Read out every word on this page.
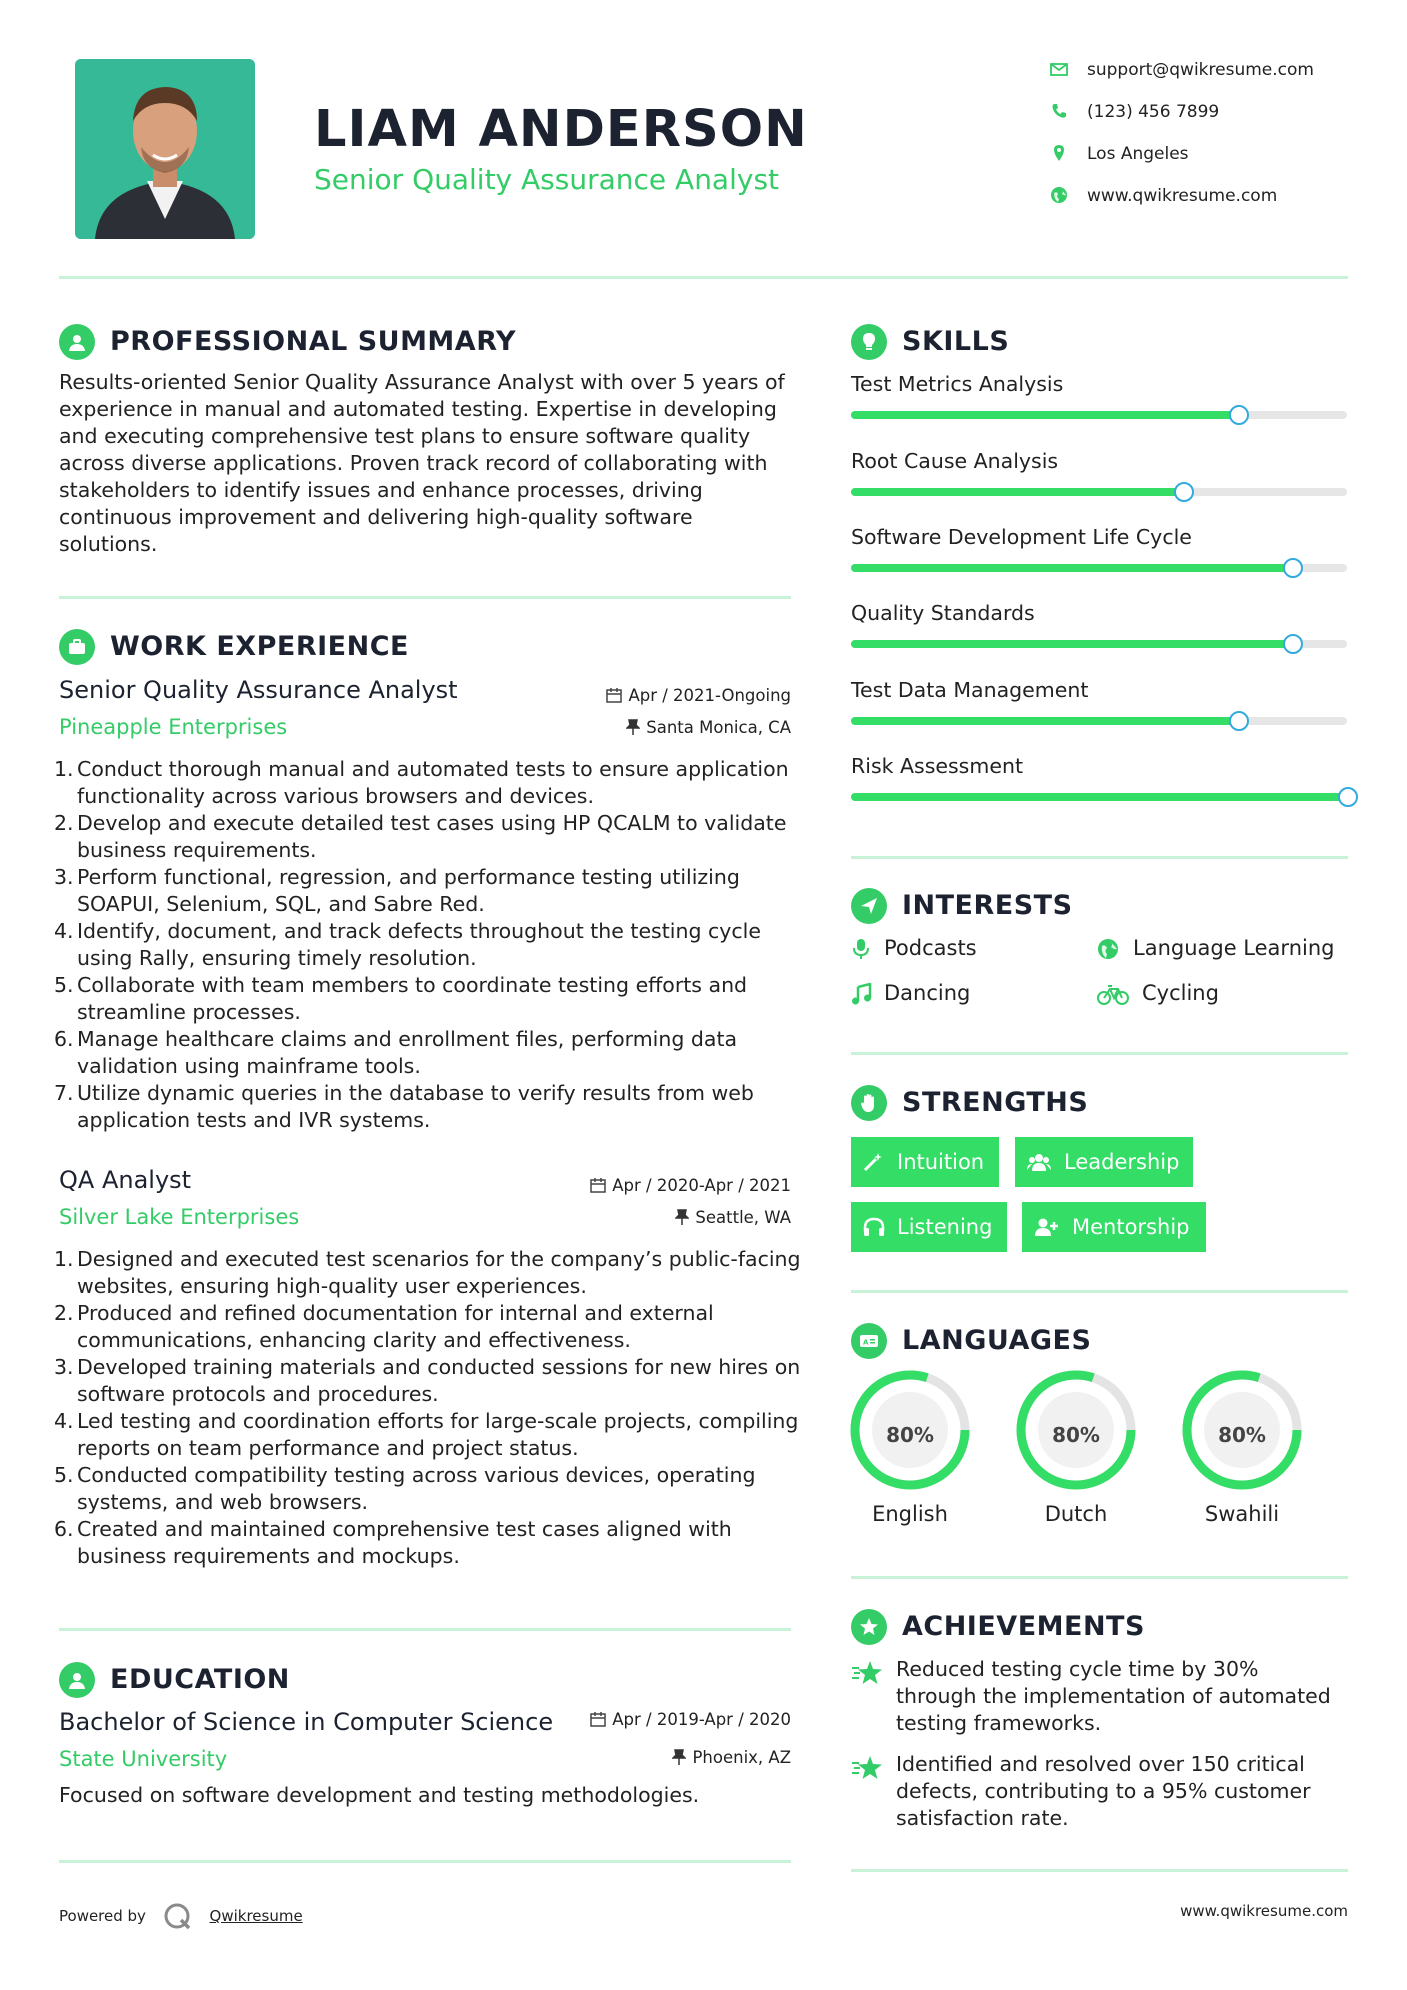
LIAM ANDERSON
Senior Quality Assurance Analyst
support@qwikresume.com
(123) 456 7899
Los Angeles
www.qwikresume.com
PROFESSIONAL SUMMARY
Results-oriented Senior Quality Assurance Analyst with over 5 years of experience in manual and automated testing. Expertise in developing and executing comprehensive test plans to ensure software quality across diverse applications. Proven track record of collaborating with stakeholders to identify issues and enhance processes, driving continuous improvement and delivering high-quality software solutions.
WORK EXPERIENCE
Senior Quality Assurance Analyst	Apr / 2021-Ongoing
Pineapple Enterprises	Santa Monica, CA
Conduct thorough manual and automated tests to ensure application functionality across various browsers and devices.
Develop and execute detailed test cases using HP QCALM to validate business requirements.
Perform functional, regression, and performance testing utilizing SOAPUI, Selenium, SQL, and Sabre Red.
Identify, document, and track defects throughout the testing cycle using Rally, ensuring timely resolution.
Collaborate with team members to coordinate testing efforts and streamline processes.
Manage healthcare claims and enrollment files, performing data validation using mainframe tools.
Utilize dynamic queries in the database to verify results from web application tests and IVR systems.
QA Analyst	Apr / 2020-Apr / 2021
Silver Lake Enterprises	Seattle, WA
Designed and executed test scenarios for the company’s public-facing websites, ensuring high-quality user experiences.
Produced and refined documentation for internal and external communications, enhancing clarity and effectiveness.
Developed training materials and conducted sessions for new hires on software protocols and procedures.
Led testing and coordination efforts for large-scale projects, compiling reports on team performance and project status.
Conducted compatibility testing across various devices, operating systems, and web browsers.
Created and maintained comprehensive test cases aligned with business requirements and mockups.
EDUCATION
Bachelor of Science in Computer Science	Apr / 2019-Apr / 2020
State University	Phoenix, AZ
Focused on software development and testing methodologies.
SKILLS
Test Metrics Analysis
Root Cause Analysis
Software Development Life Cycle
Quality Standards
Test Data Management
Risk Assessment
INTERESTS
Podcasts	Language Learning
Dancing	Cycling
STRENGTHS
Intuition	Leadership
Listening	Mentorship
A LANGUAGES
80%
English
80%
Dutch
80%
Swahili
ACHIEVEMENTS
Reduced testing cycle time by 30% through the implementation of automated testing frameworks.
Identified and resolved over 150 critical defects, contributing to a 95% customer satisfaction rate.
Powered by	Qwikresume	www.qwikresume.com
